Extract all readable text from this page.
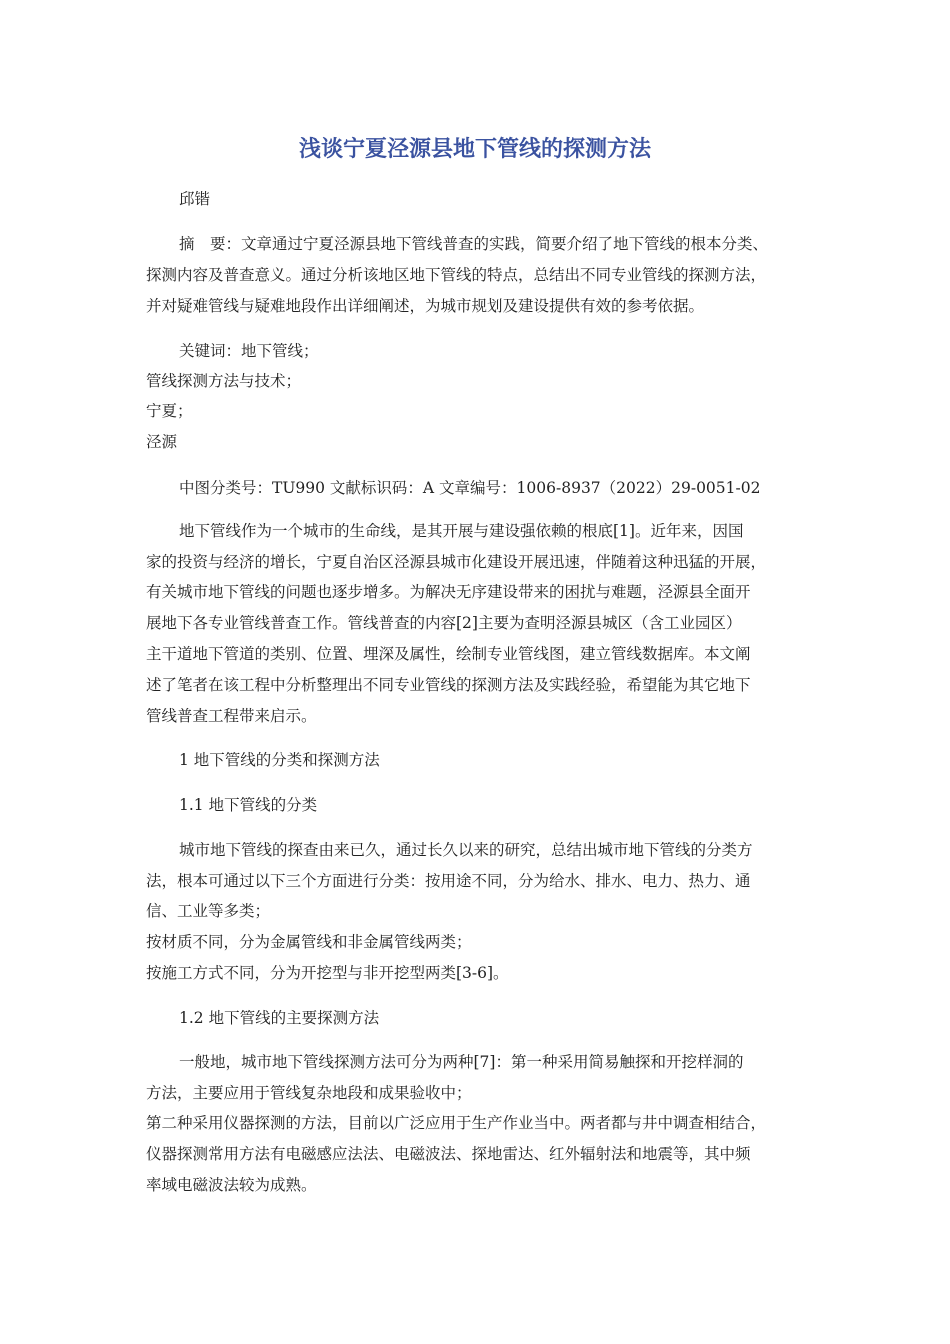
浅谈宁夏泾源县地下管线的探测方法
邱锴
摘　要：文章通过宁夏泾源县地下管线普查的实践，简要介绍了地下管线的根本分类、
探测内容及普查意义。通过分析该地区地下管线的特点，总结出不同专业管线的探测方法，
并对疑难管线与疑难地段作出详细阐述，为城市规划及建设提供有效的参考依据。
关键词：地下管线；
管线探测方法与技术；
宁夏；
泾源
中图分类号：TU990 文献标识码：A 文章编号：1006-8937（2022）29-0051-02
地下管线作为一个城市的生命线，是其开展与建设强依赖的根底[1]。近年来，因国
家的投资与经济的增长，宁夏自治区泾源县城市化建设开展迅速，伴随着这种迅猛的开展，
有关城市地下管线的问题也逐步增多。为解决无序建设带来的困扰与难题，泾源县全面开
展地下各专业管线普查工作。管线普查的内容[2]主要为查明泾源县城区（含工业园区）
主干道地下管道的类别、位置、埋深及属性，绘制专业管线图，建立管线数据库。本文阐
述了笔者在该工程中分析整理出不同专业管线的探测方法及实践经验，希望能为其它地下
管线普查工程带来启示。
1 地下管线的分类和探测方法
1.1 地下管线的分类
城市地下管线的探查由来已久，通过长久以来的研究，总结出城市地下管线的分类方
法，根本可通过以下三个方面进行分类：按用途不同，分为给水、排水、电力、热力、通
信、工业等多类；
按材质不同，分为金属管线和非金属管线两类；
按施工方式不同，分为开挖型与非开挖型两类[3-6]。
1.2 地下管线的主要探测方法
一般地，城市地下管线探测方法可分为两种[7]：第一种采用简易触探和开挖样洞的
方法，主要应用于管线复杂地段和成果验收中；
第二种采用仪器探测的方法，目前以广泛应用于生产作业当中。两者都与井中调查相结合，
仪器探测常用方法有电磁感应法法、电磁波法、探地雷达、红外辐射法和地震等，其中频
率域电磁波法较为成熟。
